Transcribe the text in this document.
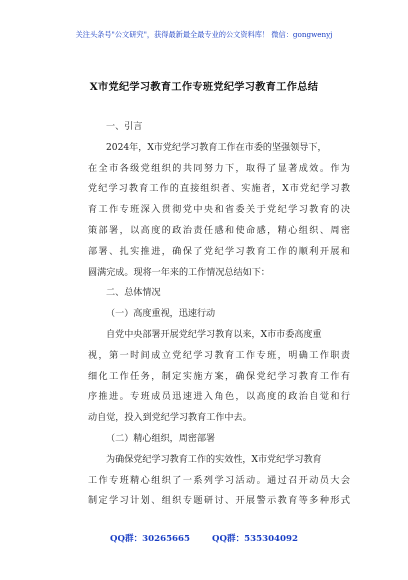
关注头条号"公文研究"，获得最新最全最专业的公文资料库！ 微信：gongwenyj
X市党纪学习教育工作专班党纪学习教育工作总结
一、引言
2024年，X市党纪学习教育工作在市委的坚强领导下，
在全市各级党组织的共同努力下，取得了显著成效。作为
党纪学习教育工作的直接组织者、实施者，X市党纪学习教
育工作专班深入贯彻党中央和省委关于党纪学习教育的决
策部署，以高度的政治责任感和使命感，精心组织、周密
部署、扎实推进，确保了党纪学习教育工作的顺利开展和
圆满完成。现将一年来的工作情况总结如下：
二、总体情况
（一）高度重视，迅速行动
自党中央部署开展党纪学习教育以来，X市市委高度重
视，第一时间成立党纪学习教育工作专班，明确工作职责
细化工作任务，制定实施方案，确保党纪学习教育工作有
序推进。专班成员迅速进入角色，以高度的政治自觉和行
动自觉，投入到党纪学习教育工作中去。
（二）精心组织，周密部署
为确保党纪学习教育工作的实效性，X市党纪学习教育
工作专班精心组织了一系列学习活动。通过召开动员大会
制定学习计划、组织专题研讨、开展警示教育等多种形式
QQ群：30265665	QQ群：535304092
